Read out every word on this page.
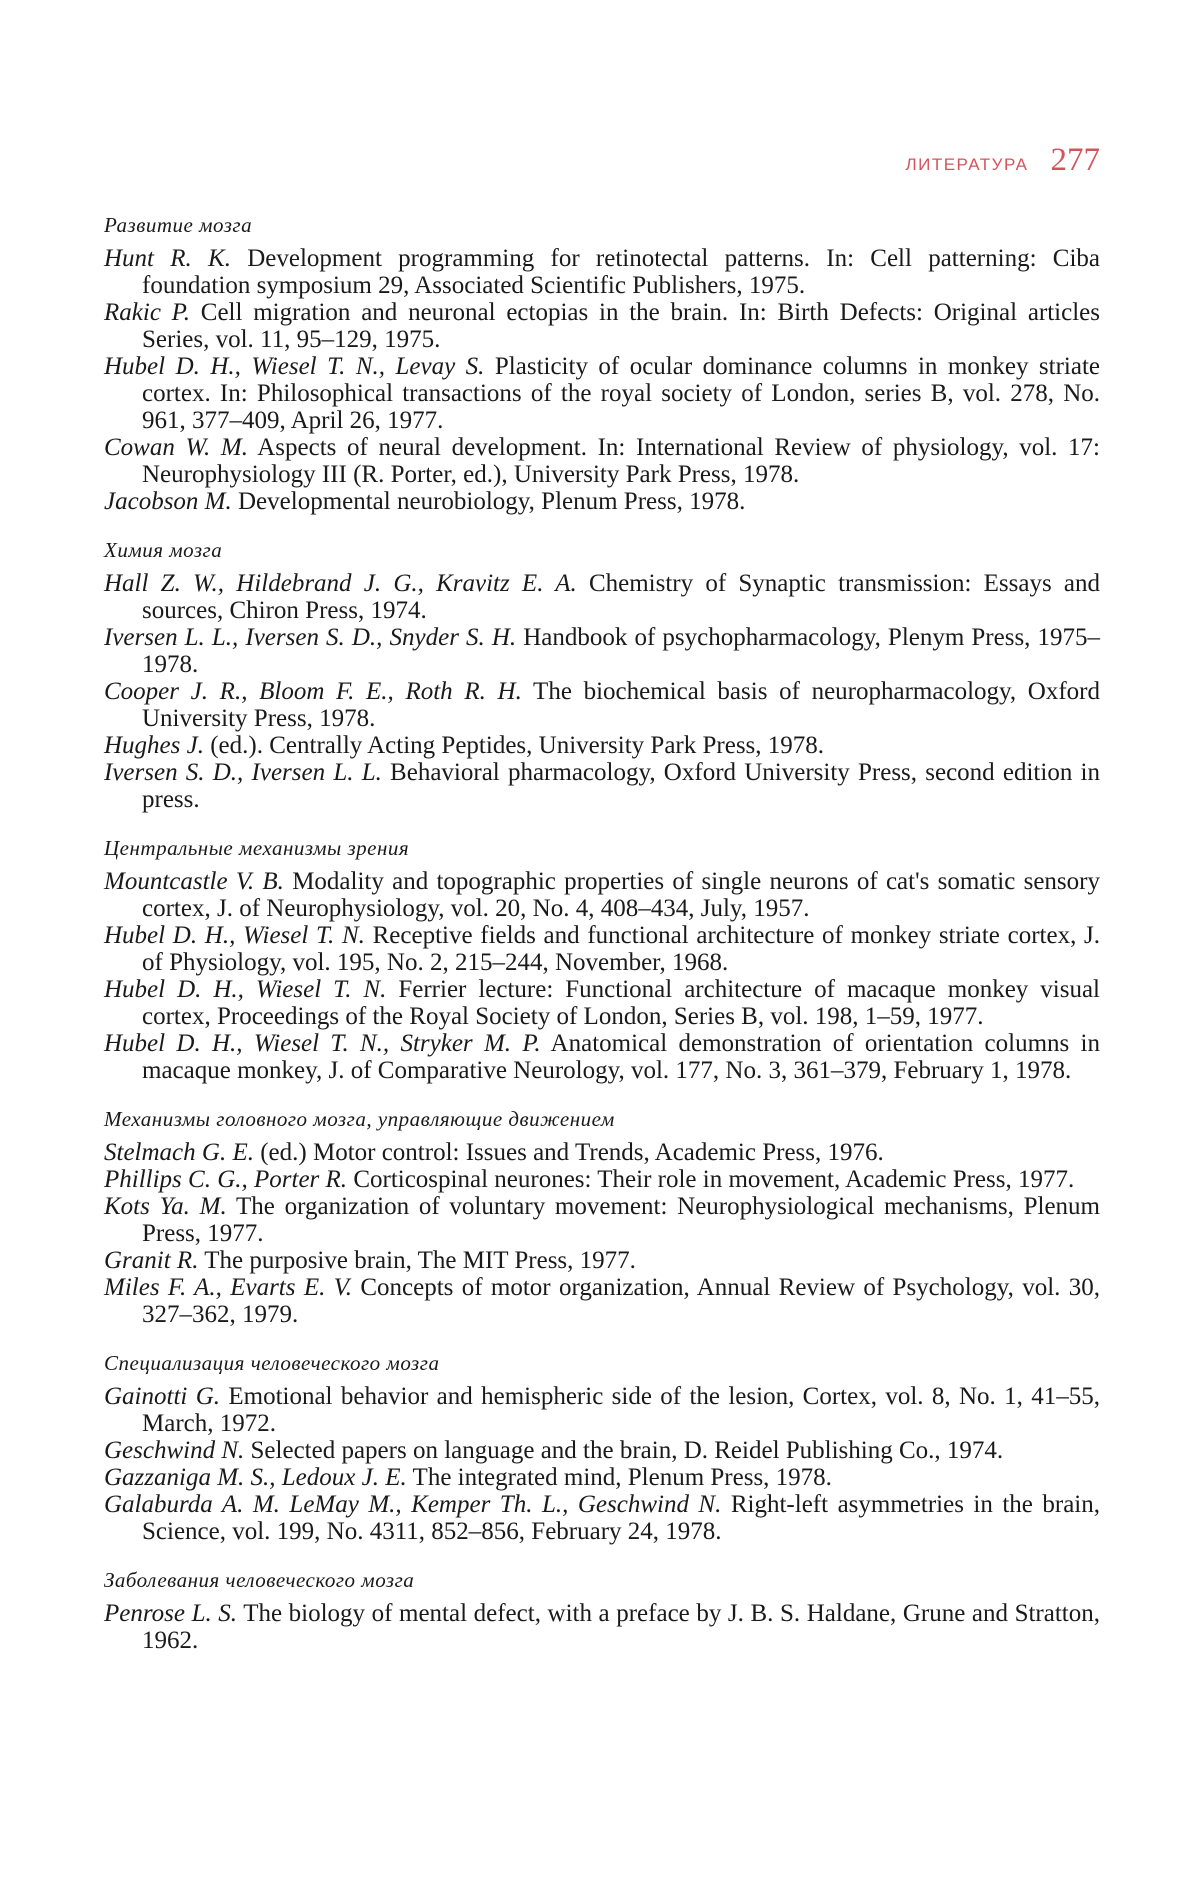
ЛИТЕРАТУРА 277
Развитие мозга

Hunt R. K. Development programming for retinotectal patterns. In: Cell patterning: Ciba foundation symposium 29, Associated Scientific Publishers, 1975.

Rakic P. Cell migration and neuronal ectopias in the brain. In: Birth Defects: Original articles Series, vol. 11, 95–129, 1975.

Hubel D. H., Wiesel T. N., Levay S. Plasticity of ocular dominance columns in monkey striate cortex. In: Philosophical transactions of the royal society of London, series B, vol. 278, No. 961, 377–409, April 26, 1977.

Cowan W. M. Aspects of neural development. In: International Review of physiology, vol. 17: Neurophysiology III (R. Porter, ed.), University Park Press, 1978.

Jacobson M. Developmental neurobiology, Plenum Press, 1978.

Химия мозга

Hall Z. W., Hildebrand J. G., Kravitz E. A. Chemistry of Synaptic transmission: Essays and sources, Chiron Press, 1974.

Iversen L. L., Iversen S. D., Snyder S. H. Handbook of psychopharmacology, Plenym Press, 1975–1978.

Cooper J. R., Bloom F. E., Roth R. H. The biochemical basis of neuropharmacology, Oxford University Press, 1978.

Hughes J. (ed.). Centrally Acting Peptides, University Park Press, 1978.

Iversen S. D., Iversen L. L. Behavioral pharmacology, Oxford University Press, second edition in press.

Центральные механизмы зрения

Mountcastle V. B. Modality and topographic properties of single neurons of cat's somatic sensory cortex, J. of Neurophysiology, vol. 20, No. 4, 408–434, July, 1957.

Hubel D. H., Wiesel T. N. Receptive fields and functional architecture of monkey striate cortex, J. of Physiology, vol. 195, No. 2, 215–244, November, 1968.

Hubel D. H., Wiesel T. N. Ferrier lecture: Functional architecture of macaque monkey visual cortex, Proceedings of the Royal Society of London, Series B, vol. 198, 1–59, 1977.

Hubel D. H., Wiesel T. N., Stryker M. P. Anatomical demonstration of orientation columns in macaque monkey, J. of Comparative Neurology, vol. 177, No. 3, 361–379, February 1, 1978.

Механизмы головного мозга, управляющие движением

Stelmach G. E. (ed.) Motor control: Issues and Trends, Academic Press, 1976.

Phillips C. G., Porter R. Corticospinal neurones: Their role in movement, Academic Press, 1977.

Kots Ya. M. The organization of voluntary movement: Neurophysiological mechanisms, Plenum Press, 1977.

Granit R. The purposive brain, The MIT Press, 1977.

Miles F. A., Evarts E. V. Concepts of motor organization, Annual Review of Psychology, vol. 30, 327–362, 1979.

Специализация человеческого мозга

Gainotti G. Emotional behavior and hemispheric side of the lesion, Cortex, vol. 8, No. 1, 41–55, March, 1972.

Geschwind N. Selected papers on language and the brain, D. Reidel Publishing Co., 1974.

Gazzaniga M. S., Ledoux J. E. The integrated mind, Plenum Press, 1978.

Galaburda A. M. LeMay M., Kemper Th. L., Geschwind N. Right-left asymmetries in the brain, Science, vol. 199, No. 4311, 852–856, February 24, 1978.

Заболевания человеческого мозга

Penrose L. S. The biology of mental defect, with a preface by J. B. S. Haldane, Grune and Stratton, 1962.
